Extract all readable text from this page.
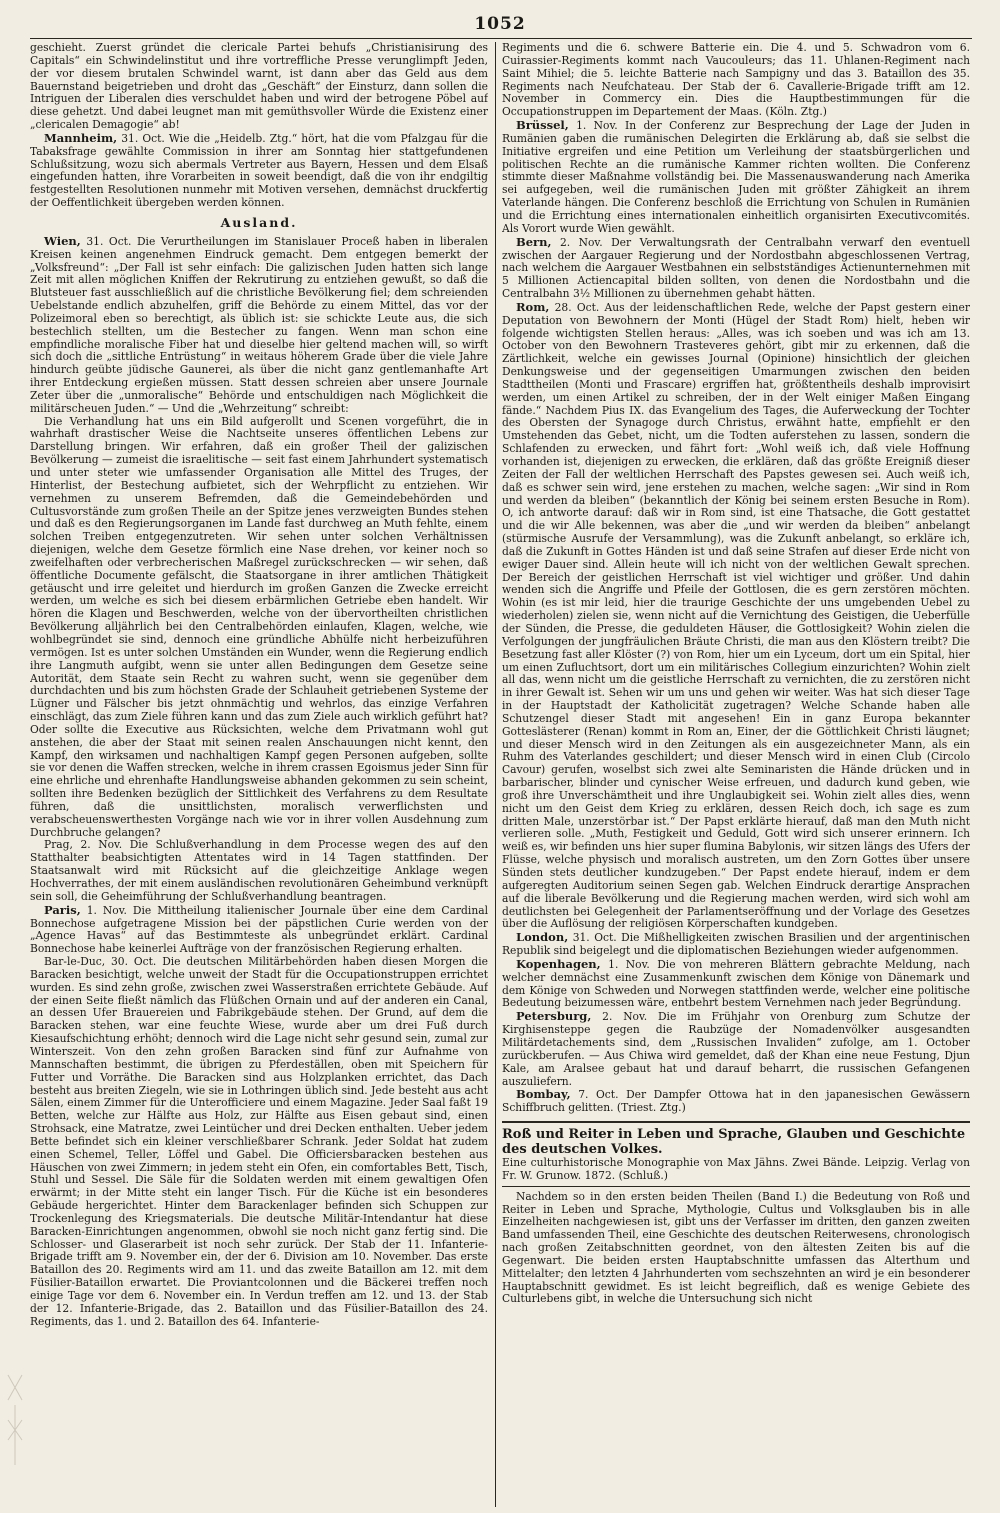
1052

geschieht. Zuerst gründet die clericale Partei behufs „Christianisirung des Capitals“ ein Schwindelinstitut und ihre vortreffliche Presse verunglimpft Jeden, der vor diesem brutalen Schwindel warnt, ist dann aber das Geld aus dem Bauernstand beigetrieben und droht das „Geschäft“ der Einsturz, dann sollen die Intriguen der Liberalen dies verschuldet haben und wird der betrogene Pöbel auf diese gehetzt. Und dabei leugnet man mit gemüthsvoller Würde die Existenz einer „clericalen Demagogie“ ab!

Mannheim, 31. Oct. Wie die „Heidelb. Ztg.“ hört, hat die vom Pfalzgau für die Tabaksfrage gewählte Commission in ihrer am Sonntag hier stattgefundenen Schlußsitzung, wozu sich abermals Vertreter aus Bayern, Hessen und dem Elsaß eingefunden hatten, ihre Vorarbeiten in soweit beendigt, daß die von ihr endgiltig festgestellten Resolutionen nunmehr mit Motiven versehen, demnächst druckfertig der Oeffentlichkeit übergeben werden können.

Ausland.

Wien, 31. Oct. Die Verurtheilungen im Stanislauer Proceß haben in liberalen Kreisen keinen angenehmen Eindruck gemacht. Dem entgegen bemerkt der „Volksfreund“: „Der Fall ist sehr einfach: Die galizischen Juden hatten sich lange Zeit mit allen möglichen Kniffen der Rekrutirung zu entziehen gewußt, so daß die Blutsteuer fast ausschließlich auf die christliche Bevölkerung fiel; dem schreienden Uebelstande endlich abzuhelfen, griff die Behörde zu einem Mittel, das vor der Polizeimoral eben so berechtigt, als üblich ist: sie schickte Leute aus, die sich bestechlich stellten, um die Bestecher zu fangen. Wenn man schon eine empfindliche moralische Fiber hat und dieselbe hier geltend machen will, so wirft sich doch die „sittliche Entrüstung“ in weitaus höherem Grade über die viele Jahre hindurch geübte jüdische Gaunerei, als über die nicht ganz gentlemanhafte Art ihrer Entdeckung ergießen müssen. Statt dessen schreien aber unsere Journale Zeter über die „unmoralische“ Behörde und entschuldigen nach Möglichkeit die militärscheuen Juden.“ — Und die „Wehrzeitung“ schreibt:

Die Verhandlung hat uns ein Bild aufgerollt und Scenen vorgeführt, die in wahrhaft drastischer Weise die Nachtseite unseres öffentlichen Lebens zur Darstellung bringen. Wir erfahren, daß ein großer Theil der galizischen Bevölkerung — zumeist die israelitische — seit fast einem Jahrhundert systematisch und unter steter wie umfassender Organisation alle Mittel des Truges, der Hinterlist, der Bestechung aufbietet, sich der Wehrpflicht zu entziehen. Wir vernehmen zu unserem Befremden, daß die Gemeindebehörden und Cultusvorstände zum großen Theile an der Spitze jenes verzweigten Bundes stehen und daß es den Regierungsorganen im Lande fast durchweg an Muth fehlte, einem solchen Treiben entgegenzutreten. Wir sehen unter solchen Verhältnissen diejenigen, welche dem Gesetze förmlich eine Nase drehen, vor keiner noch so zweifelhaften oder verbrecherischen Maßregel zurückschrecken — wir sehen, daß öffentliche Documente gefälscht, die Staatsorgane in ihrer amtlichen Thätigkeit getäuscht und irre geleitet und hierdurch im großen Ganzen die Zwecke erreicht werden, um welche es sich bei diesem erbärmlichen Getriebe eben handelt. Wir hören die Klagen und Beschwerden, welche von der übervortheilten christlichen Bevölkerung alljährlich bei den Centralbehörden einlaufen, Klagen, welche, wie wohlbegründet sie sind, dennoch eine gründliche Abhülfe nicht herbeizuführen vermögen. Ist es unter solchen Umständen ein Wunder, wenn die Regierung endlich ihre Langmuth aufgibt, wenn sie unter allen Bedingungen dem Gesetze seine Autorität, dem Staate sein Recht zu wahren sucht, wenn sie gegenüber dem durchdachten und bis zum höchsten Grade der Schlauheit getriebenen Systeme der Lügner und Fälscher bis jetzt ohnmächtig und wehrlos, das einzige Verfahren einschlägt, das zum Ziele führen kann und das zum Ziele auch wirklich geführt hat? Oder sollte die Executive aus Rücksichten, welche dem Privatmann wohl gut anstehen, die aber der Staat mit seinen realen Anschauungen nicht kennt, den Kampf, den wirksamen und nachhaltigen Kampf gegen Personen aufgeben, sollte sie vor denen die Waffen strecken, welche in ihrem crassen Egoismus jeder Sinn für eine ehrliche und ehrenhafte Handlungsweise abhanden gekommen zu sein scheint, sollten ihre Bedenken bezüglich der Sittlichkeit des Verfahrens zu dem Resultate führen, daß die unsittlichsten, moralisch verwerflichsten und verabscheuenswerthesten Vorgänge nach wie vor in ihrer vollen Ausdehnung zum Durchbruche gelangen?

Prag, 2. Nov. Die Schlußverhandlung in dem Processe wegen des auf den Statthalter beabsichtigten Attentates wird in 14 Tagen stattfinden. Der Staatsanwalt wird mit Rücksicht auf die gleichzeitige Anklage wegen Hochverrathes, der mit einem ausländischen revolutionären Geheimbund verknüpft sein soll, die Geheimführung der Schlußverhandlung beantragen.

Paris, 1. Nov. Die Mittheilung italienischer Journale über eine dem Cardinal Bonnechose aufgetragene Mission bei der päpstlichen Curie werden von der „Agence Havas“ auf das Bestimmteste als unbegründet erklärt. Cardinal Bonnechose habe keinerlei Aufträge von der französischen Regierung erhalten.

Bar-le-Duc, 30. Oct. Die deutschen Militärbehörden haben diesen Morgen die Baracken besichtigt, welche unweit der Stadt für die Occupationstruppen errichtet wurden. Es sind zehn große, zwischen zwei Wasserstraßen errichtete Gebäude. Auf der einen Seite fließt nämlich das Flüßchen Ornain und auf der anderen ein Canal, an dessen Ufer Brauereien und Fabrikgebäude stehen. Der Grund, auf dem die Baracken stehen, war eine feuchte Wiese, wurde aber um drei Fuß durch Kiesaufschichtung erhöht; dennoch wird die Lage nicht sehr gesund sein, zumal zur Winterszeit. Von den zehn großen Baracken sind fünf zur Aufnahme von Mannschaften bestimmt, die übrigen zu Pferdeställen, oben mit Speichern für Futter und Vorräthe. Die Baracken sind aus Holzplanken errichtet, das Dach besteht aus breiten Ziegeln, wie sie in Lothringen üblich sind. Jede besteht aus acht Sälen, einem Zimmer für die Unterofficiere und einem Magazine. Jeder Saal faßt 19 Betten, welche zur Hälfte aus Holz, zur Hälfte aus Eisen gebaut sind, einen Strohsack, eine Matratze, zwei Leintücher und drei Decken enthalten. Ueber jedem Bette befindet sich ein kleiner verschließbarer Schrank. Jeder Soldat hat zudem einen Schemel, Teller, Löffel und Gabel. Die Officiersbaracken bestehen aus Häuschen von zwei Zimmern; in jedem steht ein Ofen, ein comfortables Bett, Tisch, Stuhl und Sessel. Die Säle für die Soldaten werden mit einem gewaltigen Ofen erwärmt; in der Mitte steht ein langer Tisch. Für die Küche ist ein besonderes Gebäude hergerichtet. Hinter dem Barackenlager befinden sich Schuppen zur Trockenlegung des Kriegsmaterials. Die deutsche Militär-Intendantur hat diese Baracken-Einrichtungen angenommen, obwohl sie noch nicht ganz fertig sind. Die Schlosser- und Glaserarbeit ist noch sehr zurück. Der Stab der 11. Infanterie-Brigade trifft am 9. November ein, der der 6. Division am 10. November. Das erste Bataillon des 20. Regiments wird am 11. und das zweite Bataillon am 12. mit dem Füsilier-Bataillon erwartet. Die Proviantcolonnen und die Bäckerei treffen noch einige Tage vor dem 6. November ein. In Verdun treffen am 12. und 13. der Stab der 12. Infanterie-Brigade, das 2. Bataillon und das Füsilier-Bataillon des 24. Regiments, das 1. und 2. Bataillon des 64. Infanterie-

Regiments und die 6. schwere Batterie ein. Die 4. und 5. Schwadron vom 6. Cuirassier-Regiments kommt nach Vaucouleurs; das 11. Uhlanen-Regiment nach Saint Mihiel; die 5. leichte Batterie nach Sampigny und das 3. Bataillon des 35. Regiments nach Neufchateau. Der Stab der 6. Cavallerie-Brigade trifft am 12. November in Commercy ein. Dies die Hauptbestimmungen für die Occupationstruppen im Departement der Maas. (Köln. Ztg.)

Brüssel, 1. Nov. In der Conferenz zur Besprechung der Lage der Juden in Rumänien gaben die rumänischen Delegirten die Erklärung ab, daß sie selbst die Initiative ergreifen und eine Petition um Verleihung der staatsbürgerlichen und politischen Rechte an die rumänische Kammer richten wollten. Die Conferenz stimmte dieser Maßnahme vollständig bei. Die Massenauswanderung nach Amerika sei aufgegeben, weil die rumänischen Juden mit größter Zähigkeit an ihrem Vaterlande hängen. Die Conferenz beschloß die Errichtung von Schulen in Rumänien und die Errichtung eines internationalen einheitlich organisirten Executivcomités. Als Vorort wurde Wien gewählt.

Bern, 2. Nov. Der Verwaltungsrath der Centralbahn verwarf den eventuell zwischen der Aargauer Regierung und der Nordostbahn abgeschlossenen Vertrag, nach welchem die Aargauer Westbahnen ein selbstständiges Actienunternehmen mit 5 Millionen Actiencapital bilden sollten, von denen die Nordostbahn und die Centralbahn 3½ Millionen zu übernehmen gehabt hätten.

Rom, 28. Oct. Aus der leidenschaftlichen Rede, welche der Papst gestern einer Deputation von Bewohnern der Monti (Hügel der Stadt Rom) hielt, heben wir folgende wichtigsten Stellen heraus: „Alles, was ich soeben und was ich am 13. October von den Bewohnern Trasteveres gehört, gibt mir zu erkennen, daß die Zärtlichkeit, welche ein gewisses Journal (Opinione) hinsichtlich der gleichen Denkungsweise und der gegenseitigen Umarmungen zwischen den beiden Stadttheilen (Monti und Frascare) ergriffen hat, größtentheils deshalb improvisirt werden, um einen Artikel zu schreiben, der in der Welt einiger Maßen Eingang fände.“ Nachdem Pius IX. das Evangelium des Tages, die Auferweckung der Tochter des Obersten der Synagoge durch Christus, erwähnt hatte, empfiehlt er den Umstehenden das Gebet, nicht, um die Todten auferstehen zu lassen, sondern die Schlafenden zu erwecken, und fährt fort: „Wohl weiß ich, daß viele Hoffnung vorhanden ist, diejenigen zu erwecken, die erklären, daß das größte Ereigniß dieser Zeiten der Fall der weltlichen Herrschaft des Papstes gewesen sei. Auch weiß ich, daß es schwer sein wird, jene erstehen zu machen, welche sagen: „Wir sind in Rom und werden da bleiben“ (bekanntlich der König bei seinem ersten Besuche in Rom). O, ich antworte darauf: daß wir in Rom sind, ist eine Thatsache, die Gott gestattet und die wir Alle bekennen, was aber die „und wir werden da bleiben“ anbelangt (stürmische Ausrufe der Versammlung), was die Zukunft anbelangt, so erkläre ich, daß die Zukunft in Gottes Händen ist und daß seine Strafen auf dieser Erde nicht von ewiger Dauer sind. Allein heute will ich nicht von der weltlichen Gewalt sprechen. Der Bereich der geistlichen Herrschaft ist viel wichtiger und größer. Und dahin wenden sich die Angriffe und Pfeile der Gottlosen, die es gern zerstören möchten. Wohin (es ist mir leid, hier die traurige Geschichte der uns umgebenden Uebel zu wiederholen) zielen sie, wenn nicht auf die Vernichtung des Geistigen, die Ueberfülle der Sünden, die Presse, die geduldeten Häuser, die Gottlosigkeit? Wohin zielen die Verfolgungen der jungfräulichen Bräute Christi, die man aus den Klöstern treibt? Die Besetzung fast aller Klöster (?) von Rom, hier um ein Lyceum, dort um ein Spital, hier um einen Zufluchtsort, dort um ein militärisches Collegium einzurichten? Wohin zielt all das, wenn nicht um die geistliche Herrschaft zu vernichten, die zu zerstören nicht in ihrer Gewalt ist. Sehen wir um uns und gehen wir weiter. Was hat sich dieser Tage in der Hauptstadt der Katholicität zugetragen? Welche Schande haben alle Schutzengel dieser Stadt mit angesehen! Ein in ganz Europa bekannter Gotteslästerer (Renan) kommt in Rom an, Einer, der die Göttlichkeit Christi läugnet; und dieser Mensch wird in den Zeitungen als ein ausgezeichneter Mann, als ein Ruhm des Vaterlandes geschildert; und dieser Mensch wird in einen Club (Circolo Cavour) gerufen, woselbst sich zwei alte Seminaristen die Hände drücken und in barbarischer, blinder und cynischer Weise erfreuen, und dadurch kund geben, wie groß ihre Unverschämtheit und ihre Unglaubigkeit sei. Wohin zielt alles dies, wenn nicht um den Geist dem Krieg zu erklären, dessen Reich doch, ich sage es zum dritten Male, unzerstörbar ist.“ Der Papst erklärte hierauf, daß man den Muth nicht verlieren solle. „Muth, Festigkeit und Geduld, Gott wird sich unserer erinnern. Ich weiß es, wir befinden uns hier super flumina Babylonis, wir sitzen längs des Ufers der Flüsse, welche physisch und moralisch austreten, um den Zorn Gottes über unsere Sünden stets deutlicher kundzugeben.“ Der Papst endete hierauf, indem er dem aufgeregten Auditorium seinen Segen gab. Welchen Eindruck derartige Ansprachen auf die liberale Bevölkerung und die Regierung machen werden, wird sich wohl am deutlichsten bei Gelegenheit der Parlamentseröffnung und der Vorlage des Gesetzes über die Auflösung der religiösen Körperschaften kundgeben.

London, 31. Oct. Die Mißhelligkeiten zwischen Brasilien und der argentinischen Republik sind beigelegt und die diplomatischen Beziehungen wieder aufgenommen.

Kopenhagen, 1. Nov. Die von mehreren Blättern gebrachte Meldung, nach welcher demnächst eine Zusammenkunft zwischen dem Könige von Dänemark und dem Könige von Schweden und Norwegen stattfinden werde, welcher eine politische Bedeutung beizumessen wäre, entbehrt bestem Vernehmen nach jeder Begründung.

Petersburg, 2. Nov. Die im Frühjahr von Orenburg zum Schutze der Kirghisensteppe gegen die Raubzüge der Nomadenvölker ausgesandten Militärdetachements sind, dem „Russischen Invaliden“ zufolge, am 1. October zurückberufen. — Aus Chiwa wird gemeldet, daß der Khan eine neue Festung, Djun Kale, am Aralsee gebaut hat und darauf beharrt, die russischen Gefangenen auszuliefern.

Bombay, 7. Oct. Der Dampfer Ottowa hat in den japanesischen Gewässern Schiffbruch gelitten. (Triest. Ztg.)

Roß und Reiter in Leben und Sprache, Glauben und Geschichte des deutschen Volkes.
Eine culturhistorische Monographie von Max Jähns. Zwei Bände. Leipzig. Verlag von Fr. W. Grunow. 1872. (Schluß.)

Nachdem so in den ersten beiden Theilen (Band I.) die Bedeutung von Roß und Reiter in Leben und Sprache, Mythologie, Cultus und Volksglauben bis in alle Einzelheiten nachgewiesen ist, gibt uns der Verfasser im dritten, den ganzen zweiten Band umfassenden Theil, eine Geschichte des deutschen Reiterwesens, chronologisch nach großen Zeitabschnitten geordnet, von den ältesten Zeiten bis auf die Gegenwart. Die beiden ersten Hauptabschnitte umfassen das Alterthum und Mittelalter; den letzten 4 Jahrhunderten vom sechszehnten an wird je ein besonderer Hauptabschnitt gewidmet. Es ist leicht begreiflich, daß es wenige Gebiete des Culturlebens gibt, in welche die Untersuchung sich nicht
